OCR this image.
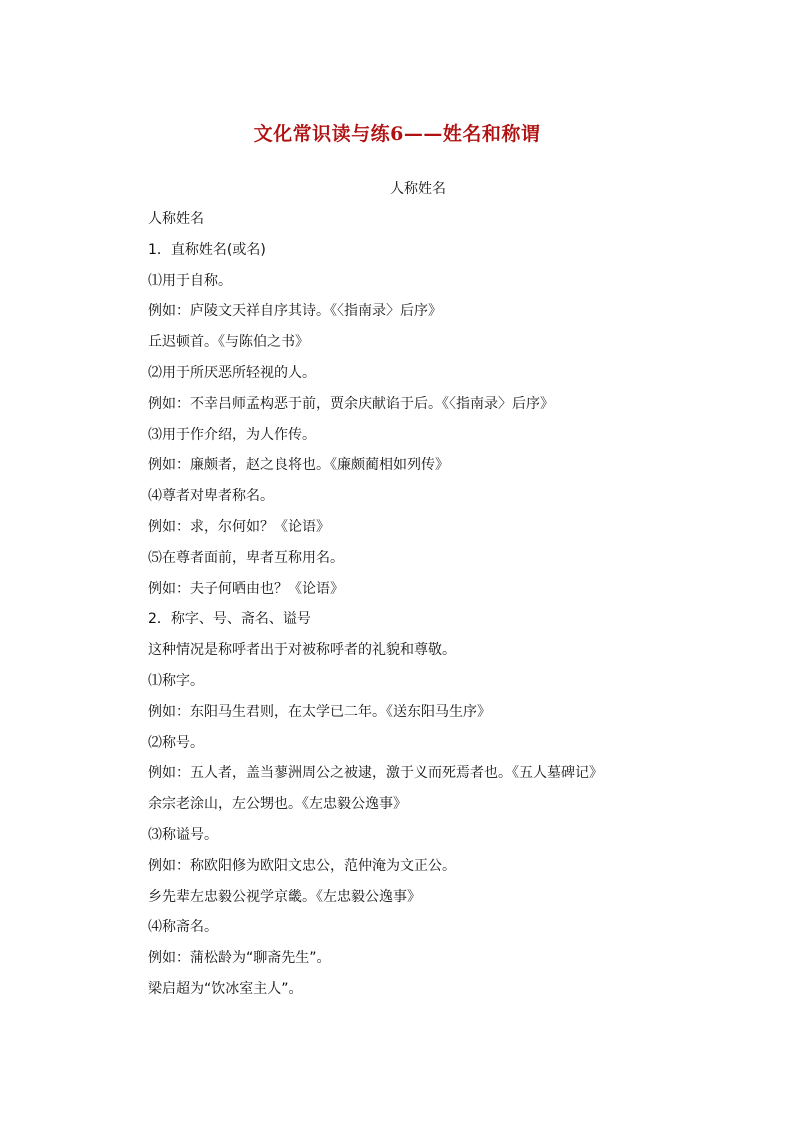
文化常识读与练6——姓名和称谓
人称姓名
人称姓名
1．直称姓名(或名)
⑴用于自称。
例如：庐陵文天祥自序其诗。《〈指南录〉后序》
丘迟顿首。《与陈伯之书》
⑵用于所厌恶所轻视的人。
例如：不幸吕师孟构恶于前，贾余庆献谄于后。《〈指南录〉后序》
⑶用于作介绍，为人作传。
例如：廉颇者，赵之良将也。《廉颇蔺相如列传》
⑷尊者对卑者称名。
例如：求，尔何如？《论语》
⑸在尊者面前，卑者互称用名。
例如：夫子何哂由也？《论语》
2．称字、号、斋名、谥号
这种情况是称呼者出于对被称呼者的礼貌和尊敬。
⑴称字。
例如：东阳马生君则，在太学已二年。《送东阳马生序》
⑵称号。
例如：五人者，盖当蓼洲周公之被逮，激于义而死焉者也。《五人墓碑记》
余宗老涂山，左公甥也。《左忠毅公逸事》
⑶称谥号。
例如：称欧阳修为欧阳文忠公，范仲淹为文正公。
乡先辈左忠毅公视学京畿。《左忠毅公逸事》
⑷称斋名。
例如：蒲松龄为“聊斋先生”。
梁启超为“饮冰室主人”。
